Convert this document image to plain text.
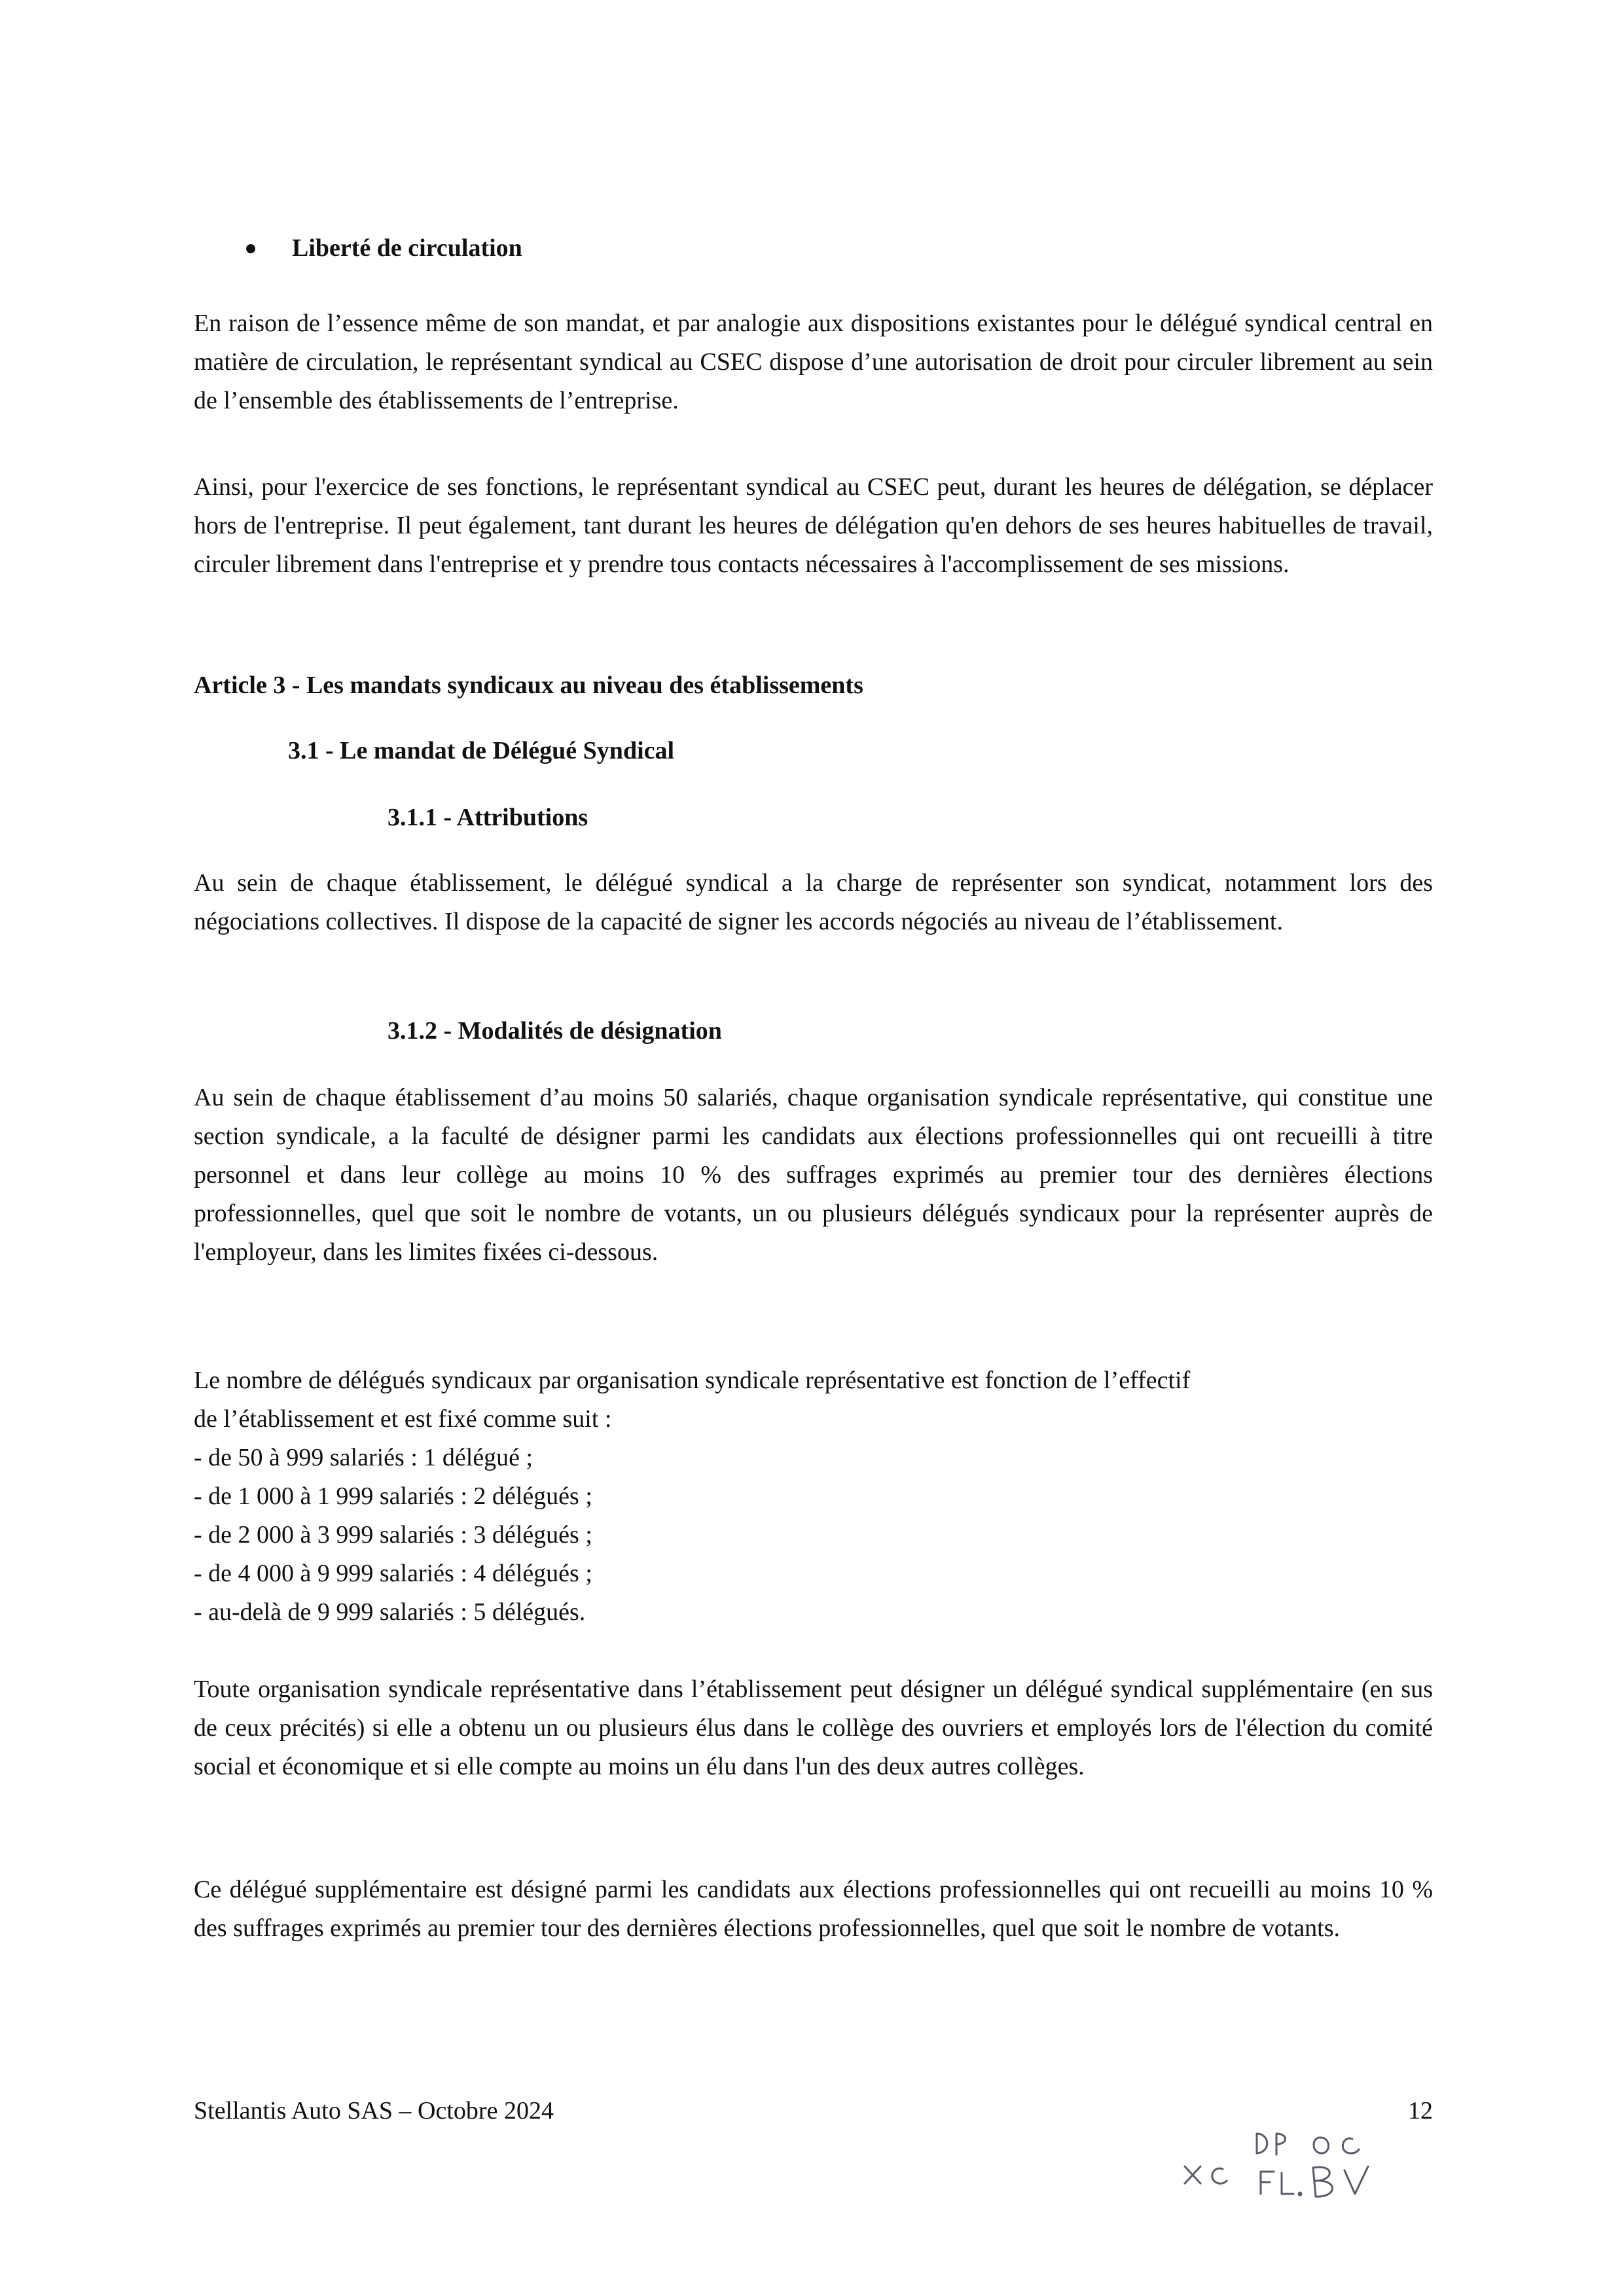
Liberté de circulation

En raison de l’essence même de son mandat, et par analogie aux dispositions existantes pour le délégué syndical central en matière de circulation, le représentant syndical au CSEC dispose d’une autorisation de droit pour circuler librement au sein de l’ensemble des établissements de l’entreprise.

Ainsi, pour l'exercice de ses fonctions, le représentant syndical au CSEC peut, durant les heures de délégation, se déplacer hors de l'entreprise. Il peut également, tant durant les heures de délégation qu'en dehors de ses heures habituelles de travail, circuler librement dans l'entreprise et y prendre tous contacts nécessaires à l'accomplissement de ses missions.

Article 3 - Les mandats syndicaux au niveau des établissements
3.1 - Le mandat de Délégué Syndical
3.1.1 - Attributions

Au sein de chaque établissement, le délégué syndical a la charge de représenter son syndicat, notamment lors des négociations collectives. Il dispose de la capacité de signer les accords négociés au niveau de l’établissement.

3.1.2 - Modalités de désignation

Au sein de chaque établissement d’au moins 50 salariés, chaque organisation syndicale représentative, qui constitue une section syndicale, a la faculté de désigner parmi les candidats aux élections professionnelles qui ont recueilli à titre personnel et dans leur collège au moins 10 % des suffrages exprimés au premier tour des dernières élections professionnelles, quel que soit le nombre de votants, un ou plusieurs délégués syndicaux pour la représenter auprès de l'employeur, dans les limites fixées ci-dessous.

Le nombre de délégués syndicaux par organisation syndicale représentative est fonction de l’effectif
de l’établissement et est fixé comme suit :
- de 50 à 999 salariés : 1 délégué ;
- de 1 000 à 1 999 salariés : 2 délégués ;
- de 2 000 à 3 999 salariés : 3 délégués ;
- de 4 000 à 9 999 salariés : 4 délégués ;
- au-delà de 9 999 salariés : 5 délégués.

Toute organisation syndicale représentative dans l’établissement peut désigner un délégué syndical supplémentaire (en sus de ceux précités) si elle a obtenu un ou plusieurs élus dans le collège des ouvriers et employés lors de l'élection du comité social et économique et si elle compte au moins un élu dans l'un des deux autres collèges.

Ce délégué supplémentaire est désigné parmi les candidats aux élections professionnelles qui ont recueilli au moins 10 % des suffrages exprimés au premier tour des dernières élections professionnelles, quel que soit le nombre de votants.

Stellantis Auto SAS – Octobre 2024	12
